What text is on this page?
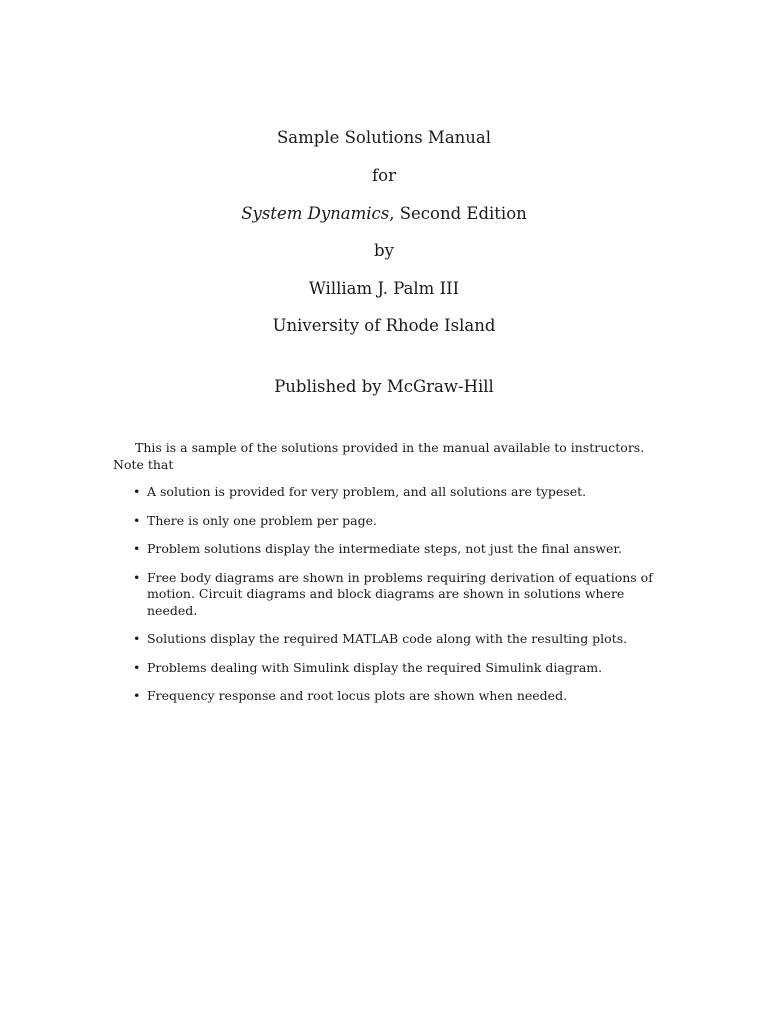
Sample Solutions Manual
for
System Dynamics, Second Edition
by
William J. Palm III
University of Rhode Island
Published by McGraw-Hill

This is a sample of the solutions provided in the manual available to instructors. Note that

• A solution is provided for very problem, and all solutions are typeset.
• There is only one problem per page.
• Problem solutions display the intermediate steps, not just the final answer.
• Free body diagrams are shown in problems requiring derivation of equations of motion. Circuit diagrams and block diagrams are shown in solutions where needed.
• Solutions display the required MATLAB code along with the resulting plots.
• Problems dealing with Simulink display the required Simulink diagram.
• Frequency response and root locus plots are shown when needed.
